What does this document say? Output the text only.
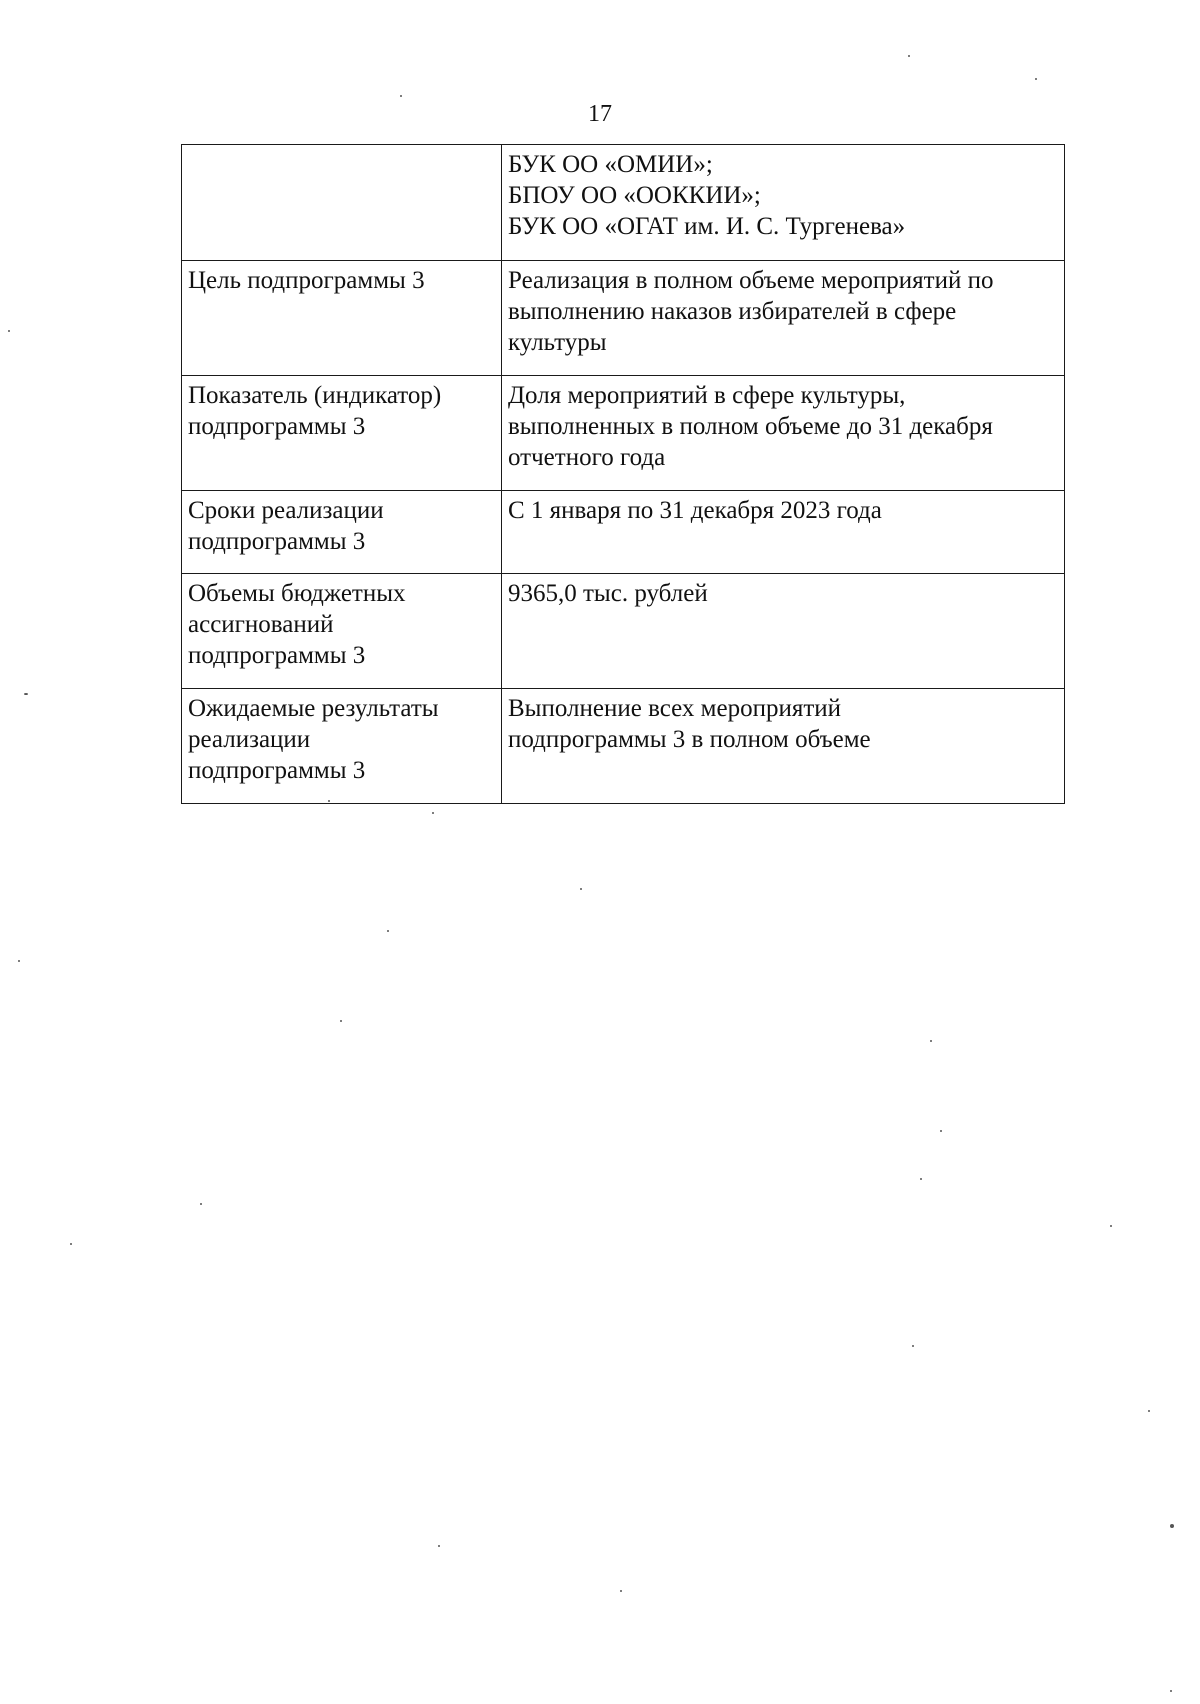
17

	БУК ОО «ОМИИ»;
БПОУ ОО «ООККИИ»;
БУК ОО «ОГАТ им. И. С. Тургенева»

Цель подпрограммы 3	Реализация в полном объеме мероприятий по
выполнению наказов избирателей в сфере
культуры

Показатель (индикатор)
подпрограммы 3	Доля мероприятий в сфере культуры,
выполненных в полном объеме до 31 декабря
отчетного года

Сроки реализации
подпрограммы 3	С 1 января по 31 декабря 2023 года

Объемы бюджетных
ассигнований
подпрограммы 3	9365,0 тыс. рублей

Ожидаемые результаты
реализации
подпрограммы 3	Выполнение всех мероприятий
подпрограммы 3 в полном объеме
